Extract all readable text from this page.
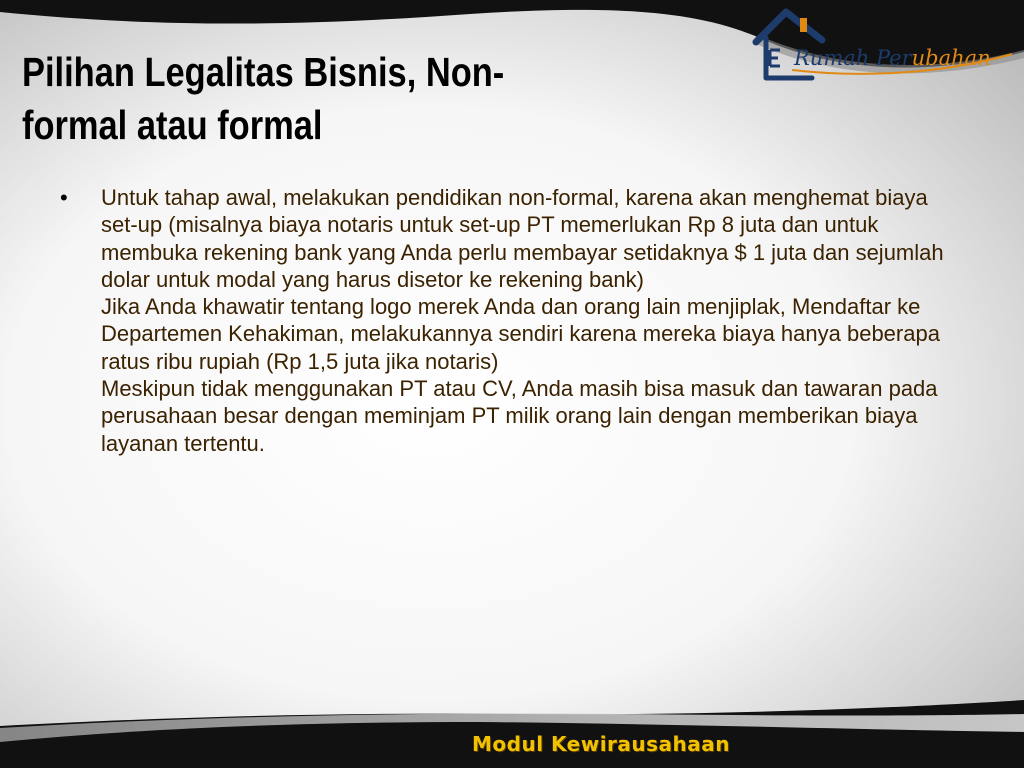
Pilihan Legalitas Bisnis, Non-
formal atau formal
• Untuk tahap awal, melakukan pendidikan non-formal, karena akan menghemat biaya set-up (misalnya biaya notaris untuk set-up PT memerlukan Rp 8 juta dan untuk membuka rekening bank yang Anda perlu membayar setidaknya $ 1 juta dan sejumlah dolar untuk modal yang harus disetor ke rekening bank)
Jika Anda khawatir tentang logo merek Anda dan orang lain menjiplak, Mendaftar ke Departemen Kehakiman, melakukannya sendiri karena mereka biaya hanya beberapa ratus ribu rupiah (Rp 1,5 juta jika notaris)
Meskipun tidak menggunakan PT atau CV, Anda masih bisa masuk dan tawaran pada perusahaan besar dengan meminjam PT milik orang lain dengan memberikan biaya layanan tertentu.
Rumah Perubahan
Modul Kewirausahaan
